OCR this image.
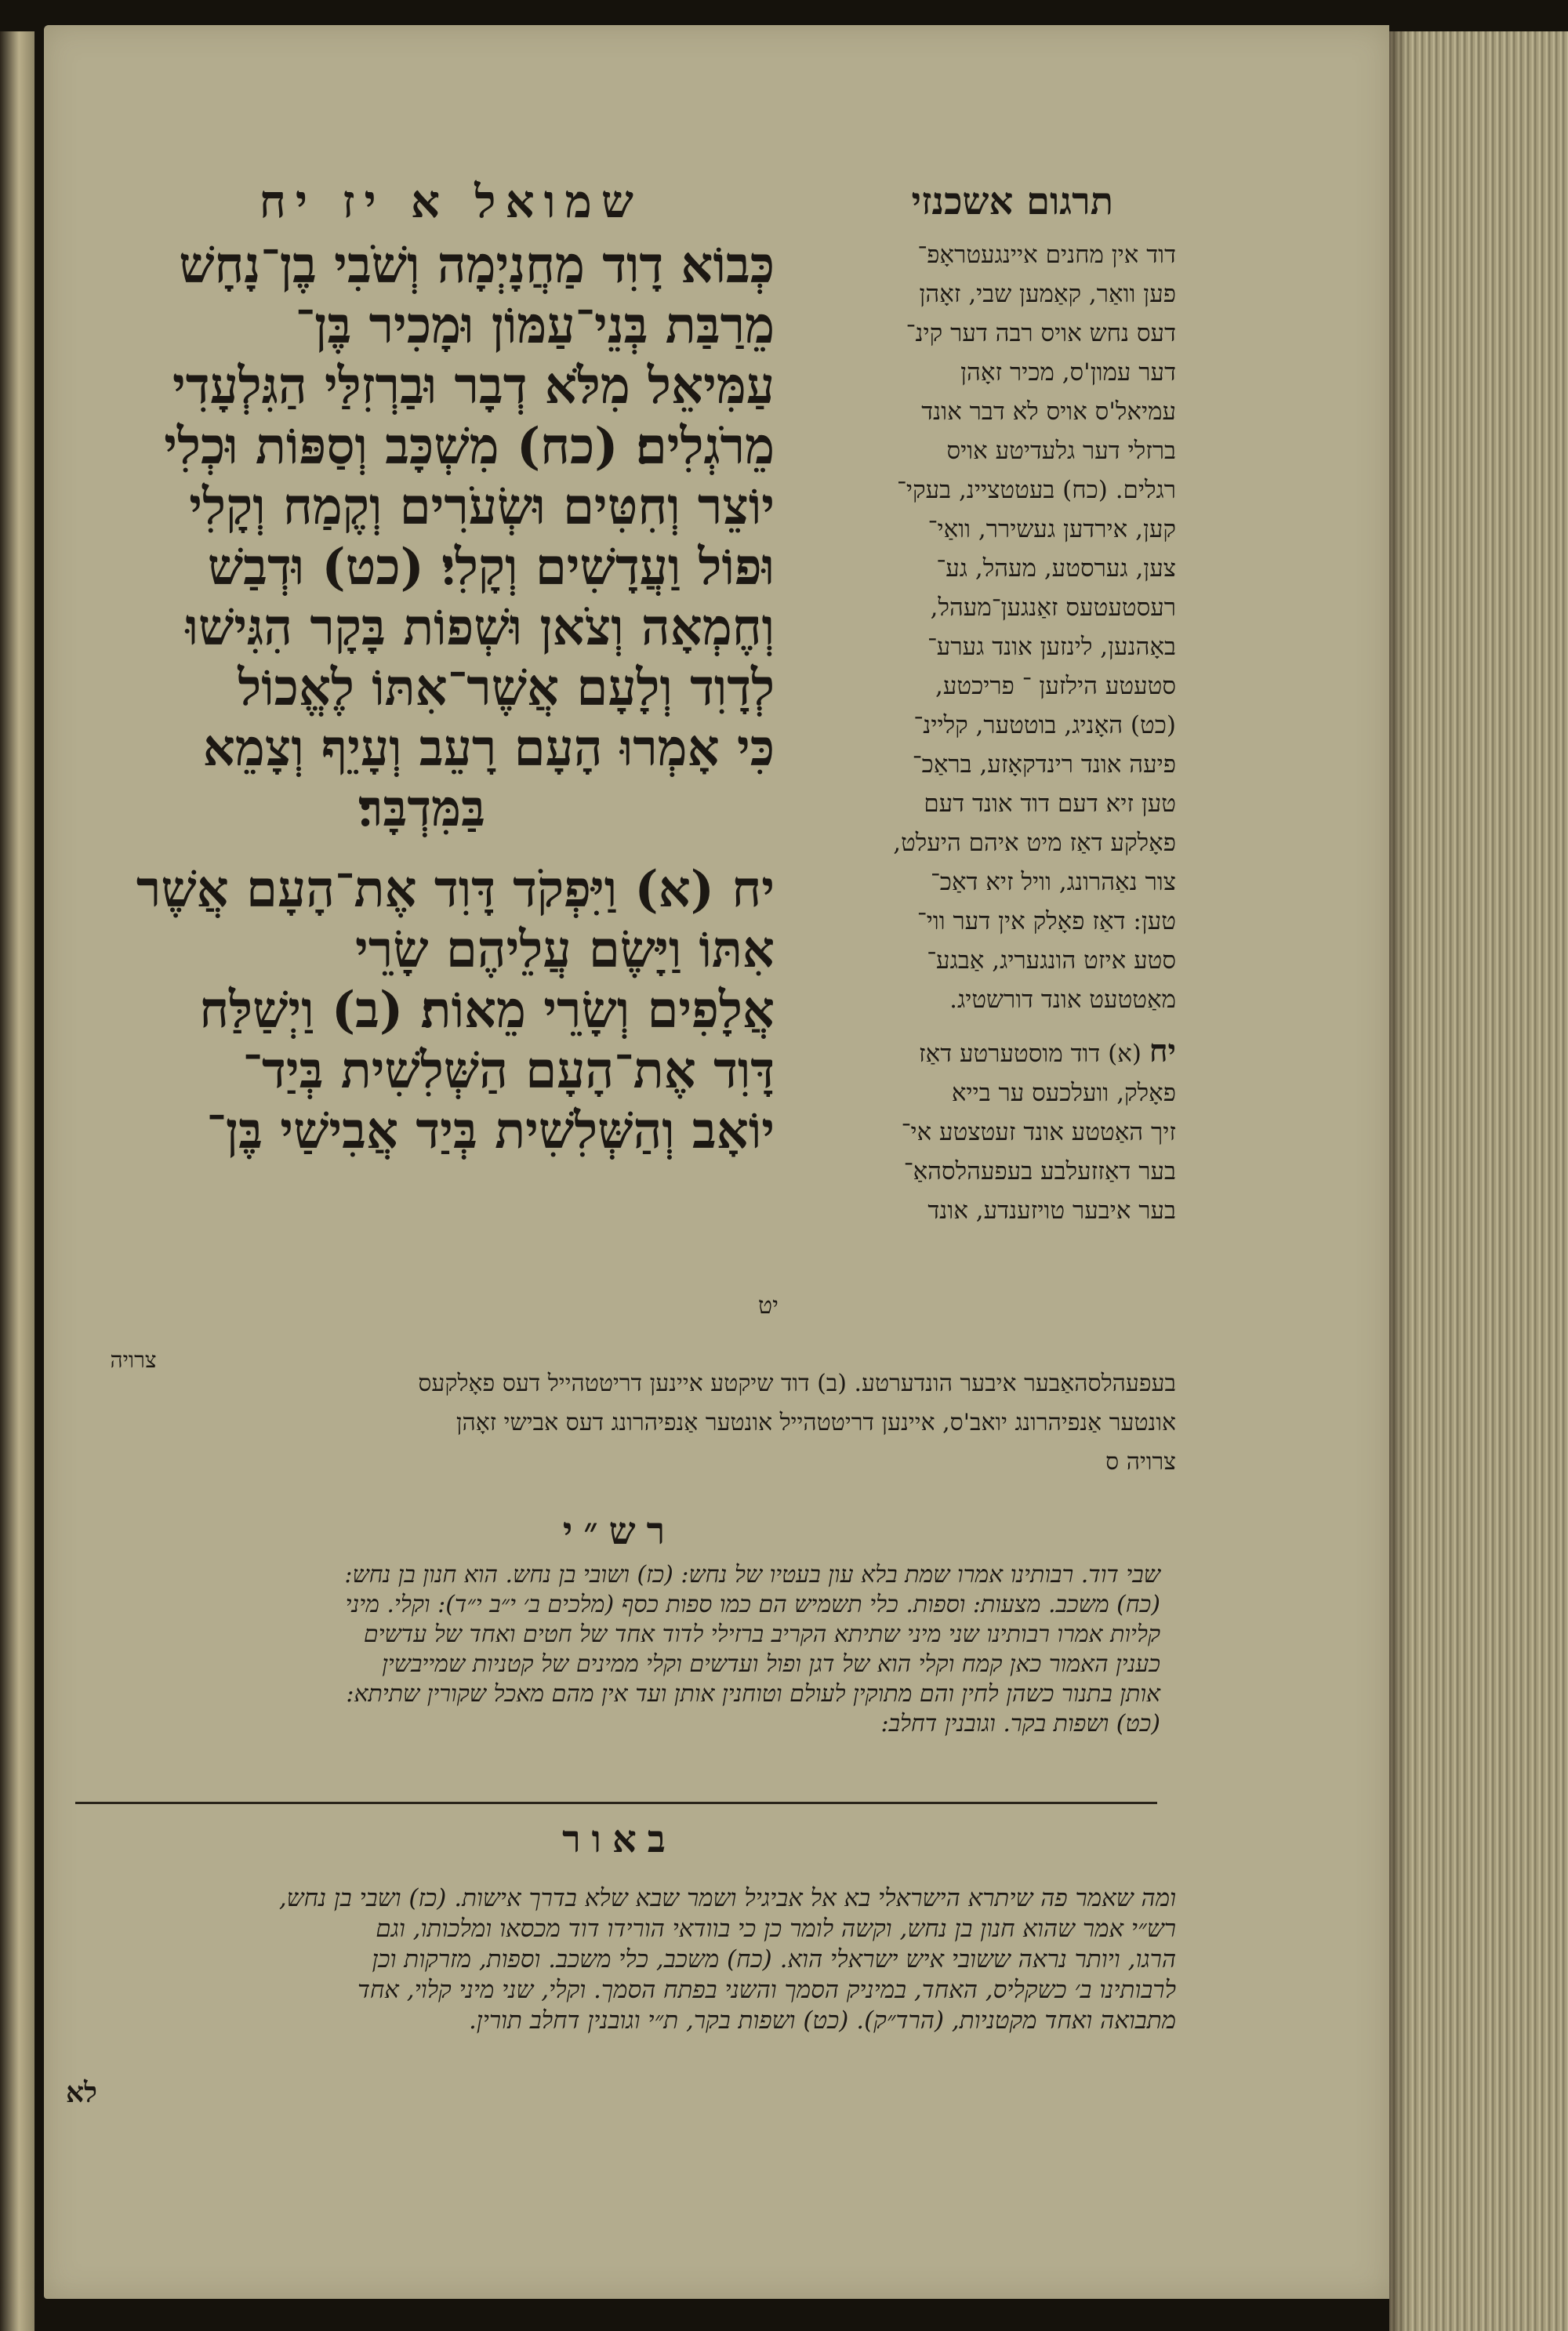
שמואל א יז יח	תרגום אשכנזי

כְּבוֹא דָוִד מַחֲנָיְמָה וְשֹׁבִי בֶן־נָחָשׁ

מֵרַבַּת בְּנֵי־עַמּוֹן וּמָכִיר בֶּן־

עַמִּיאֵל מִלֹּא דְבָר וּבַרְזִלַּי הַגִּלְעָדִי

מֵרֹגְלִים׃ (כח) מִשְׁכָּב וְסַפּוֹת וּכְלִי

יוֹצֵר וְחִטִּים וּשְׂעֹרִים וְקֶמַח וְקָלִי

וּפוֹל וַעֲדָשִׁים וְקָלִי׃ (כט) וּדְבַשׁ

וְחֶמְאָה וְצֹאן וּשְׁפוֹת בָּקָר הִגִּישׁוּ

לְדָוִד וְלָעָם אֲשֶׁר־אִתּוֹ לֶאֱכוֹל

כִּי אָמְרוּ הָעָם רָעֵב וְעָיֵף וְצָמֵא

בַּמִּדְבָּר׃

יח (א) וַיִּפְקֹד דָּוִד אֶת־הָעָם אֲשֶׁר

אִתּוֹ וַיָּשֶׂם עֲלֵיהֶם שָׂרֵי

אֲלָפִים וְשָׂרֵי מֵאוֹת׃ (ב) וַיְשַׁלַּח

דָּוִד אֶת־הָעָם הַשְּׁלִשִׁית בְּיַד־

יוֹאָב וְהַשְּׁלִשִׁית בְּיַד אֲבִישַׁי בֶּן־

יט
צרויה

דוד אין מחנים איינגעטראָפ־

פען וואַר, קאַמען שבי, זאָהן

דעס נחש אויס רבה דער קינ־

דער עמון'ס, מכיר זאָהן

עמיאל'ס אויס לא דבר אונד

ברזלי דער גלעדיטע אויס

רגלים. (כח) בעטטציינ, בעקי־

קען, אירדען געשירר, וואַי־

צען, גערסטע, מעהל, גע־

רעסטעטעס זאַנגען־מעהל,

באָהנען, לינזען אונד גערע־

סטעטע הילזען ־ פריכטע,

(כט) האָניג, בוטטער, קליינ־

פיעה אונד רינדקאָזע, בראַכ־

טען זיא דעם דוד אונד דעם

פאָלקע דאַז מיט איהם היעלט,

צור נאַהרונג, וויל זיא דאַכ־

טען: דאַז פאָלק אין דער ווי־

סטע איזט הונגעריג, אַבגע־

מאַטטעט אונד דורשטיג.

יח (א) דוד מוסטערטע דאַז

פאָלק, וועלכעס ער בייא

זיך האַטטע אונד זעטצטע אי־

בער דאַזזעלבע בעפעהלסהאַ־

בער איבער טויזענדע, אונד

בעפעהלסהאַבער איבער הונדערטע. (ב) דוד שיקטע איינען דריטטהייל דעס פאָלקעס

אונטער אַנפיהרונג יואב'ס, איינען דריטטהייל אונטער אַנפיהרונג דעס אבישי זאָהן

צרויה ס

רש״י

שבי דוד. רבותינו אמרו שמת בלא עון בעטיו של נחש: (כז) ושובי בן נחש. הוא חנון בן נחש:

(כח) משכב. מצעות: וספות. כלי תשמיש הם כמו ספות כסף (מלכים ב׳ י״ב י״ד): וקלי. מיני

קליות אמרו רבותינו שני מיני שתיתא הקריב ברזילי לדוד אחד של חטים ואחד של עדשים

כענין האמור כאן קמח וקלי הוא של דגן ופול ועדשים וקלי ממינים של קטניות שמייבשין

אותן בתנור כשהן לחין והם מתוקין לעולם וטוחנין אותן ועד אין מהם מאכל שקורין שתיתא:

(כט) ושפות בקר. וגובנין דחלב:

באור

ומה שאמר פה שיתרא הישראלי בא אל אביגיל ושמר שבא שלא בדרך אישות. (כז) ושבי בן נחש,

רש״י אמר שהוא חנון בן נחש, וקשה לומר כן כי בוודאי הורידו דוד מכסאו ומלכותו, וגם

הרגו, ויותר נראה ששובי איש ישראלי הוא. (כח) משכב, כלי משכב. וספות, מזרקות וכן

לרבותינו ב׳ כשקליס, האחד, במיניק הסמך והשני בפתח הסמך. וקלי, שני מיני קלוי, אחד

מתבואה ואחד מקטניות, (הרד״ק). (כט) ושפות בקר, ת״י וגובנין דחלב תורין.

לא
